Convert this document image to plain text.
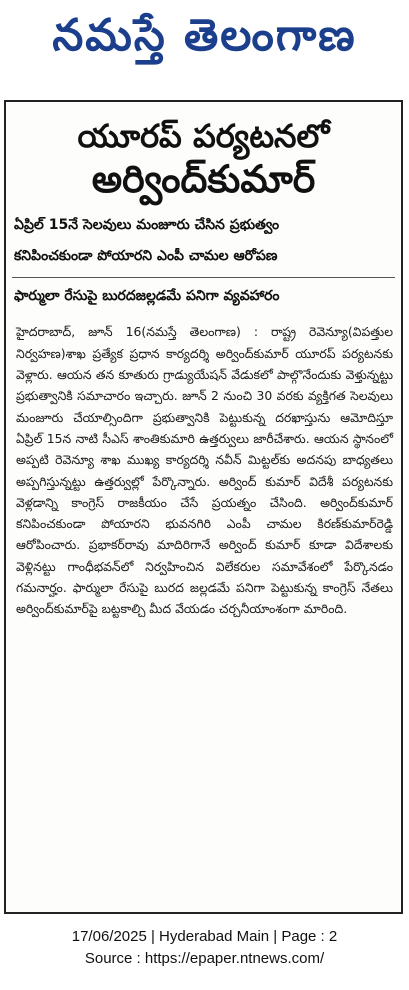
నమస్తే తెలంగాణ
యూరప్ పర్యటనలో
అర్వింద్‌కుమార్
ఏప్రిల్ 15నే సెలవులు మంజూరు చేసిన ప్రభుత్వం
కనిపించకుండా పోయారని ఎంపీ చామల ఆరోపణ
ఫార్ములా రేసుపై బురదజల్లడమే పనిగా వ్యవహారం

హైదరాబాద్, జూన్ 16(నమస్తే తెలంగాణ) : రాష్ట్ర రెవెన్యూ(విపత్తుల నిర్వహణ)శాఖ ప్రత్యేక ప్రధాన కార్యదర్శి అర్వింద్‌కుమార్ యూరప్ పర్యటనకు వెళ్లారు. ఆయన తన కూతురు గ్రాడ్యుయేషన్ వేడుకలో పాల్గొనేందుకు వెళ్తున్నట్టు ప్రభుత్వానికి సమాచారం ఇచ్చారు. జూన్ 2 నుంచి 30 వరకు వ్యక్తిగత సెలవులు మంజూరు చేయాల్సిందిగా ప్రభుత్వానికి పెట్టుకున్న దరఖాస్తును ఆమోదిస్తూ ఏప్రిల్ 15న నాటి సీఎస్ శాంతికుమారి ఉత్తర్వులు జారీచేశారు. ఆయన స్థానంలో అప్పటి రెవెన్యూ శాఖ ముఖ్య కార్యదర్శి నవీన్ మిట్టల్‌కు అదనపు బాధ్యతలు అప్పగిస్తున్నట్టు ఉత్తర్వుల్లో పేర్కొన్నారు. అర్వింద్ కుమార్ విదేశీ పర్యటనకు వెళ్లడాన్ని కాంగ్రెస్ రాజకీయం చేసే ప్రయత్నం చేసింది. అర్వింద్‌కుమార్ కనిపించకుండా పోయారని భువనగిరి ఎంపీ చామల కిరణ్‌కుమార్‌రెడ్డి ఆరోపించారు. ప్రభాకర్‌రావు మాదిరిగానే అర్వింద్ కుమార్ కూడా విదేశాలకు వెళ్లినట్టు గాంధీభవన్‌లో నిర్వహించిన విలేకరుల సమావేశంలో పేర్కొనడం గమనార్హం. ఫార్ములా రేసుపై బురద జల్లడమే పనిగా పెట్టుకున్న కాంగ్రెస్ నేతలు అర్వింద్‌కుమార్‌పై బట్టకాల్చి మీద వేయడం చర్చనీయాంశంగా మారింది.

17/06/2025 | Hyderabad Main | Page : 2
Source : https://epaper.ntnews.com/
